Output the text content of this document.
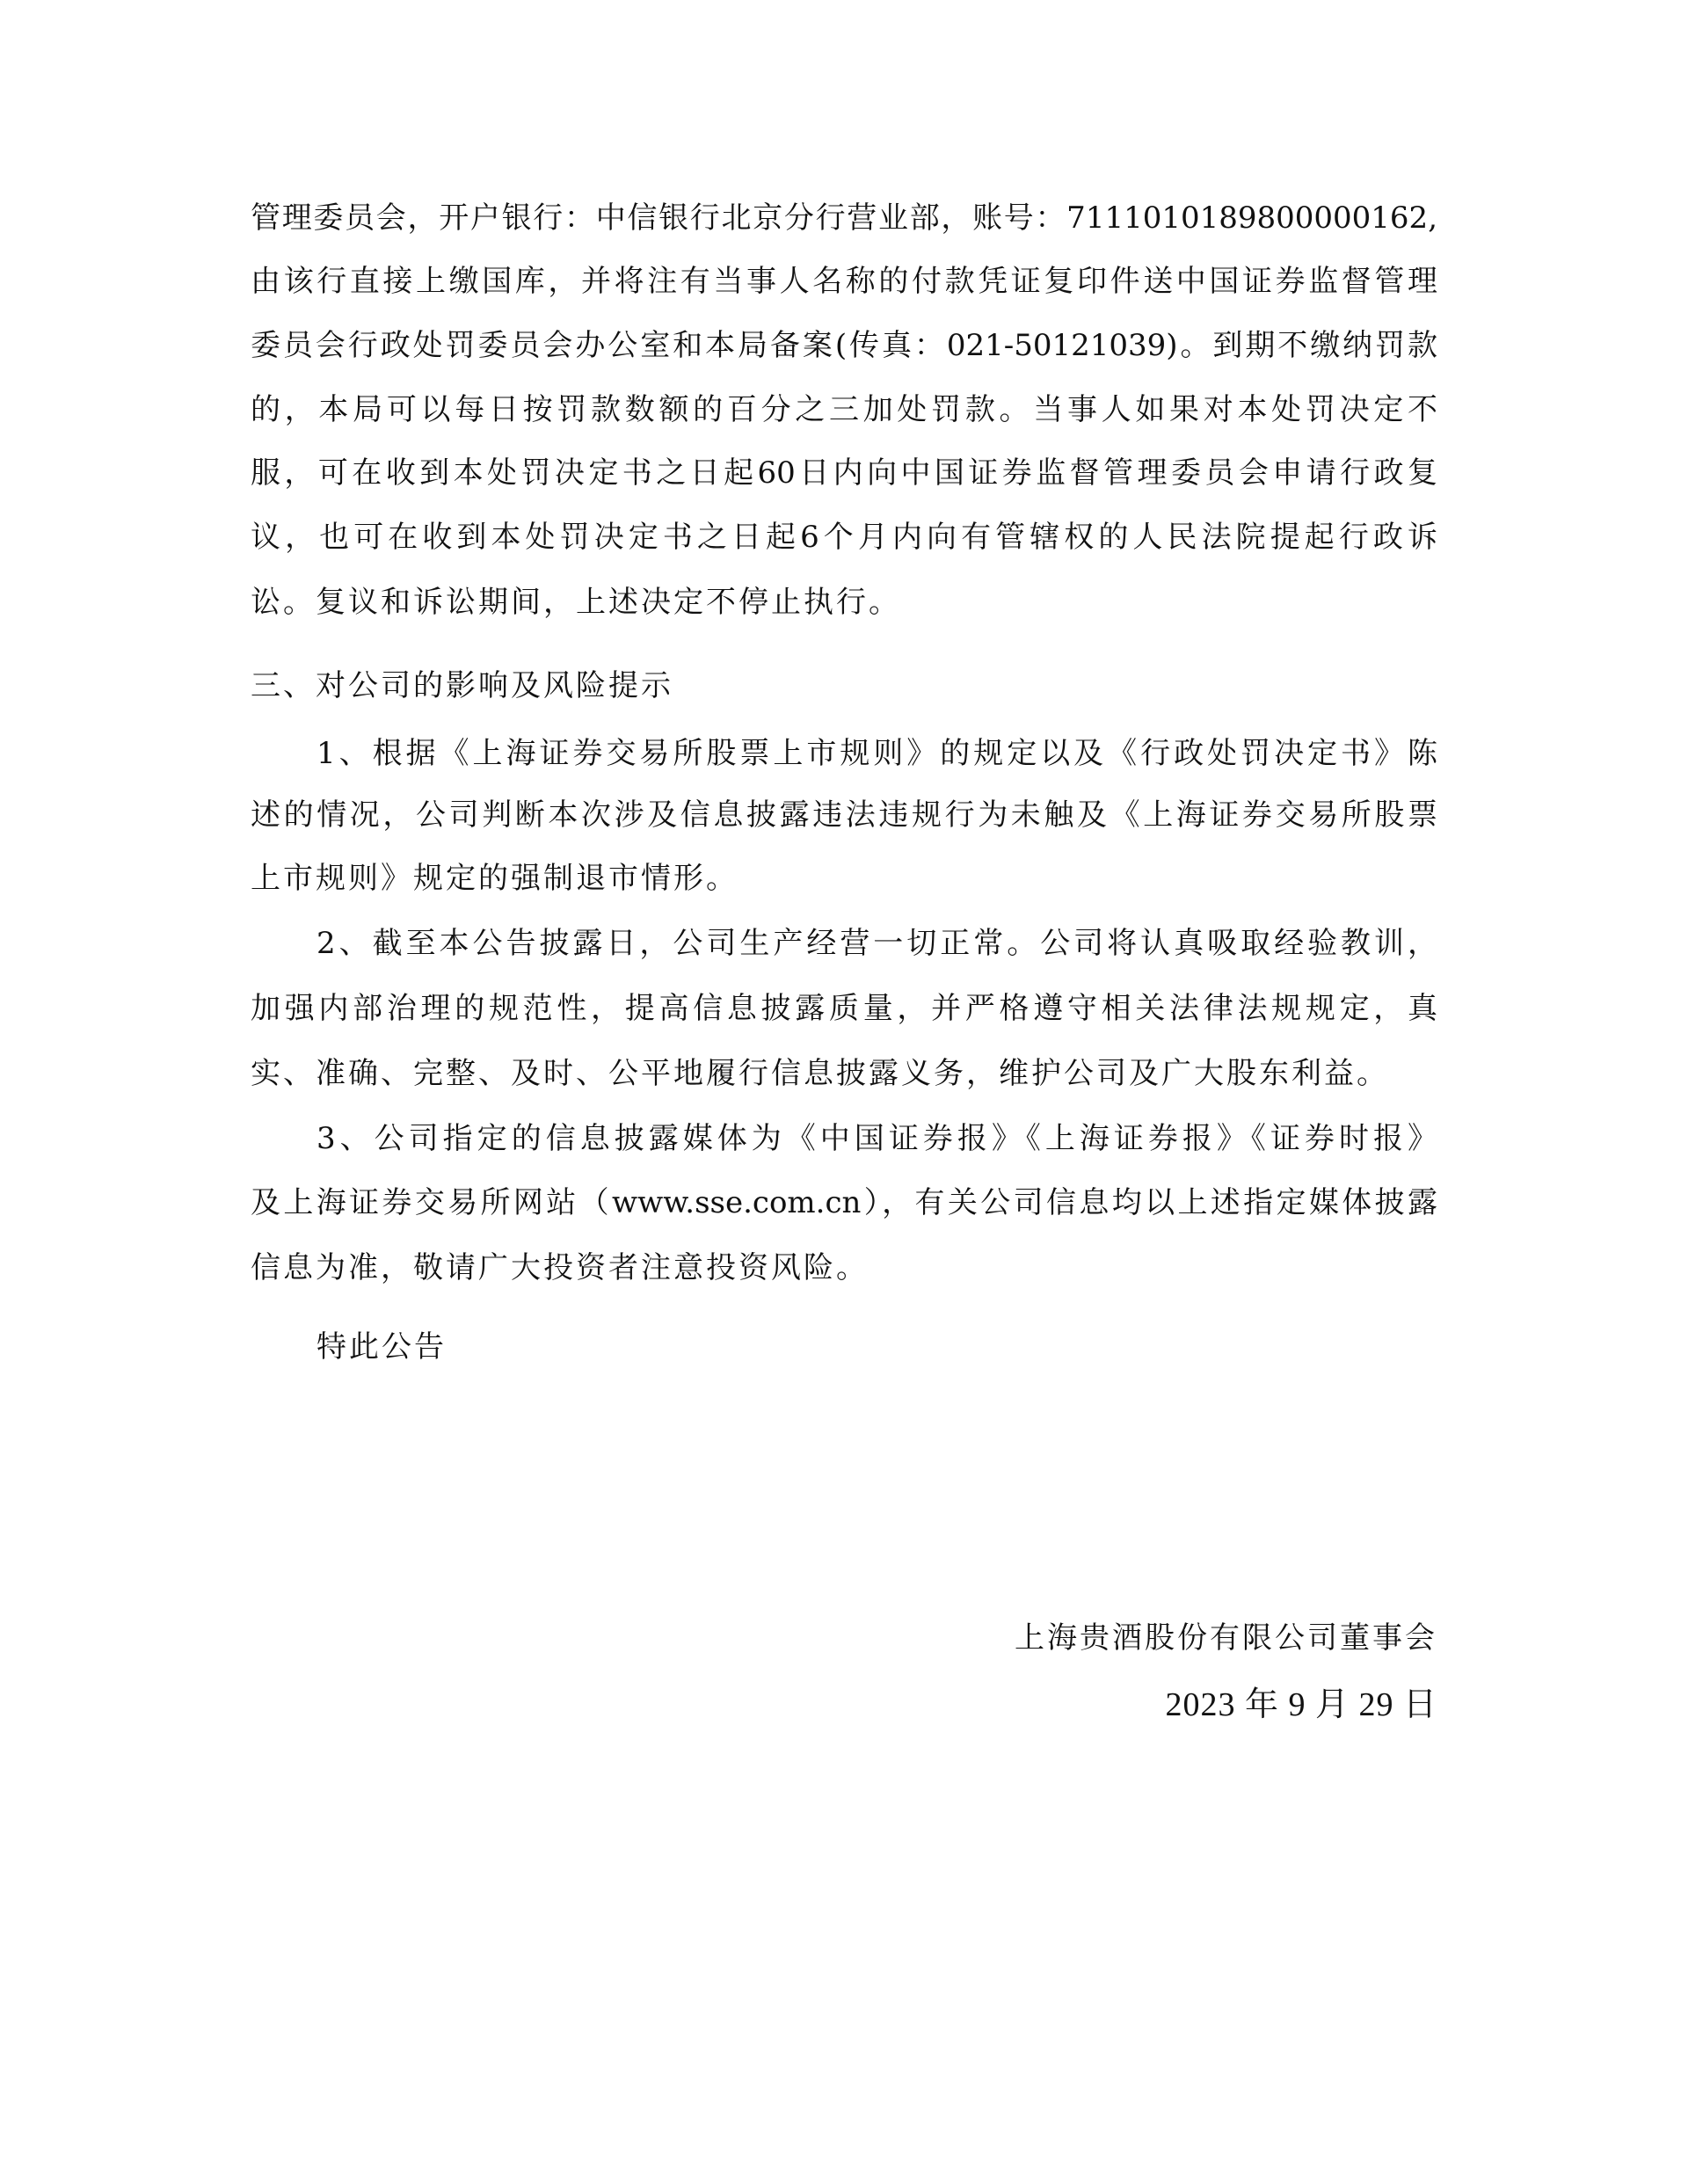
管理委员会，开户银行：中信银行北京分行营业部，账号：7111010189800000162,
由该行直接上缴国库，并将注有当事人名称的付款凭证复印件送中国证券监督管理
委员会行政处罚委员会办公室和本局备案(传真：021-50121039)。到期不缴纳罚款
的，本局可以每日按罚款数额的百分之三加处罚款。当事人如果对本处罚决定不
服，可在收到本处罚决定书之日起60日内向中国证券监督管理委员会申请行政复
议，也可在收到本处罚决定书之日起6个月内向有管辖权的人民法院提起行政诉
讼。复议和诉讼期间，上述决定不停止执行。
三、对公司的影响及风险提示
1、根据《上海证券交易所股票上市规则》的规定以及《行政处罚决定书》陈
述的情况，公司判断本次涉及信息披露违法违规行为未触及《上海证券交易所股票
上市规则》规定的强制退市情形。
2、截至本公告披露日，公司生产经营一切正常。公司将认真吸取经验教训，
加强内部治理的规范性，提高信息披露质量，并严格遵守相关法律法规规定，真
实、准确、完整、及时、公平地履行信息披露义务，维护公司及广大股东利益。
3、公司指定的信息披露媒体为《中国证券报》《上海证券报》《证券时报》
及上海证券交易所网站（www.sse.com.cn），有关公司信息均以上述指定媒体披露
信息为准，敬请广大投资者注意投资风险。
特此公告
上海贵酒股份有限公司董事会
2023 年 9 月 29 日
